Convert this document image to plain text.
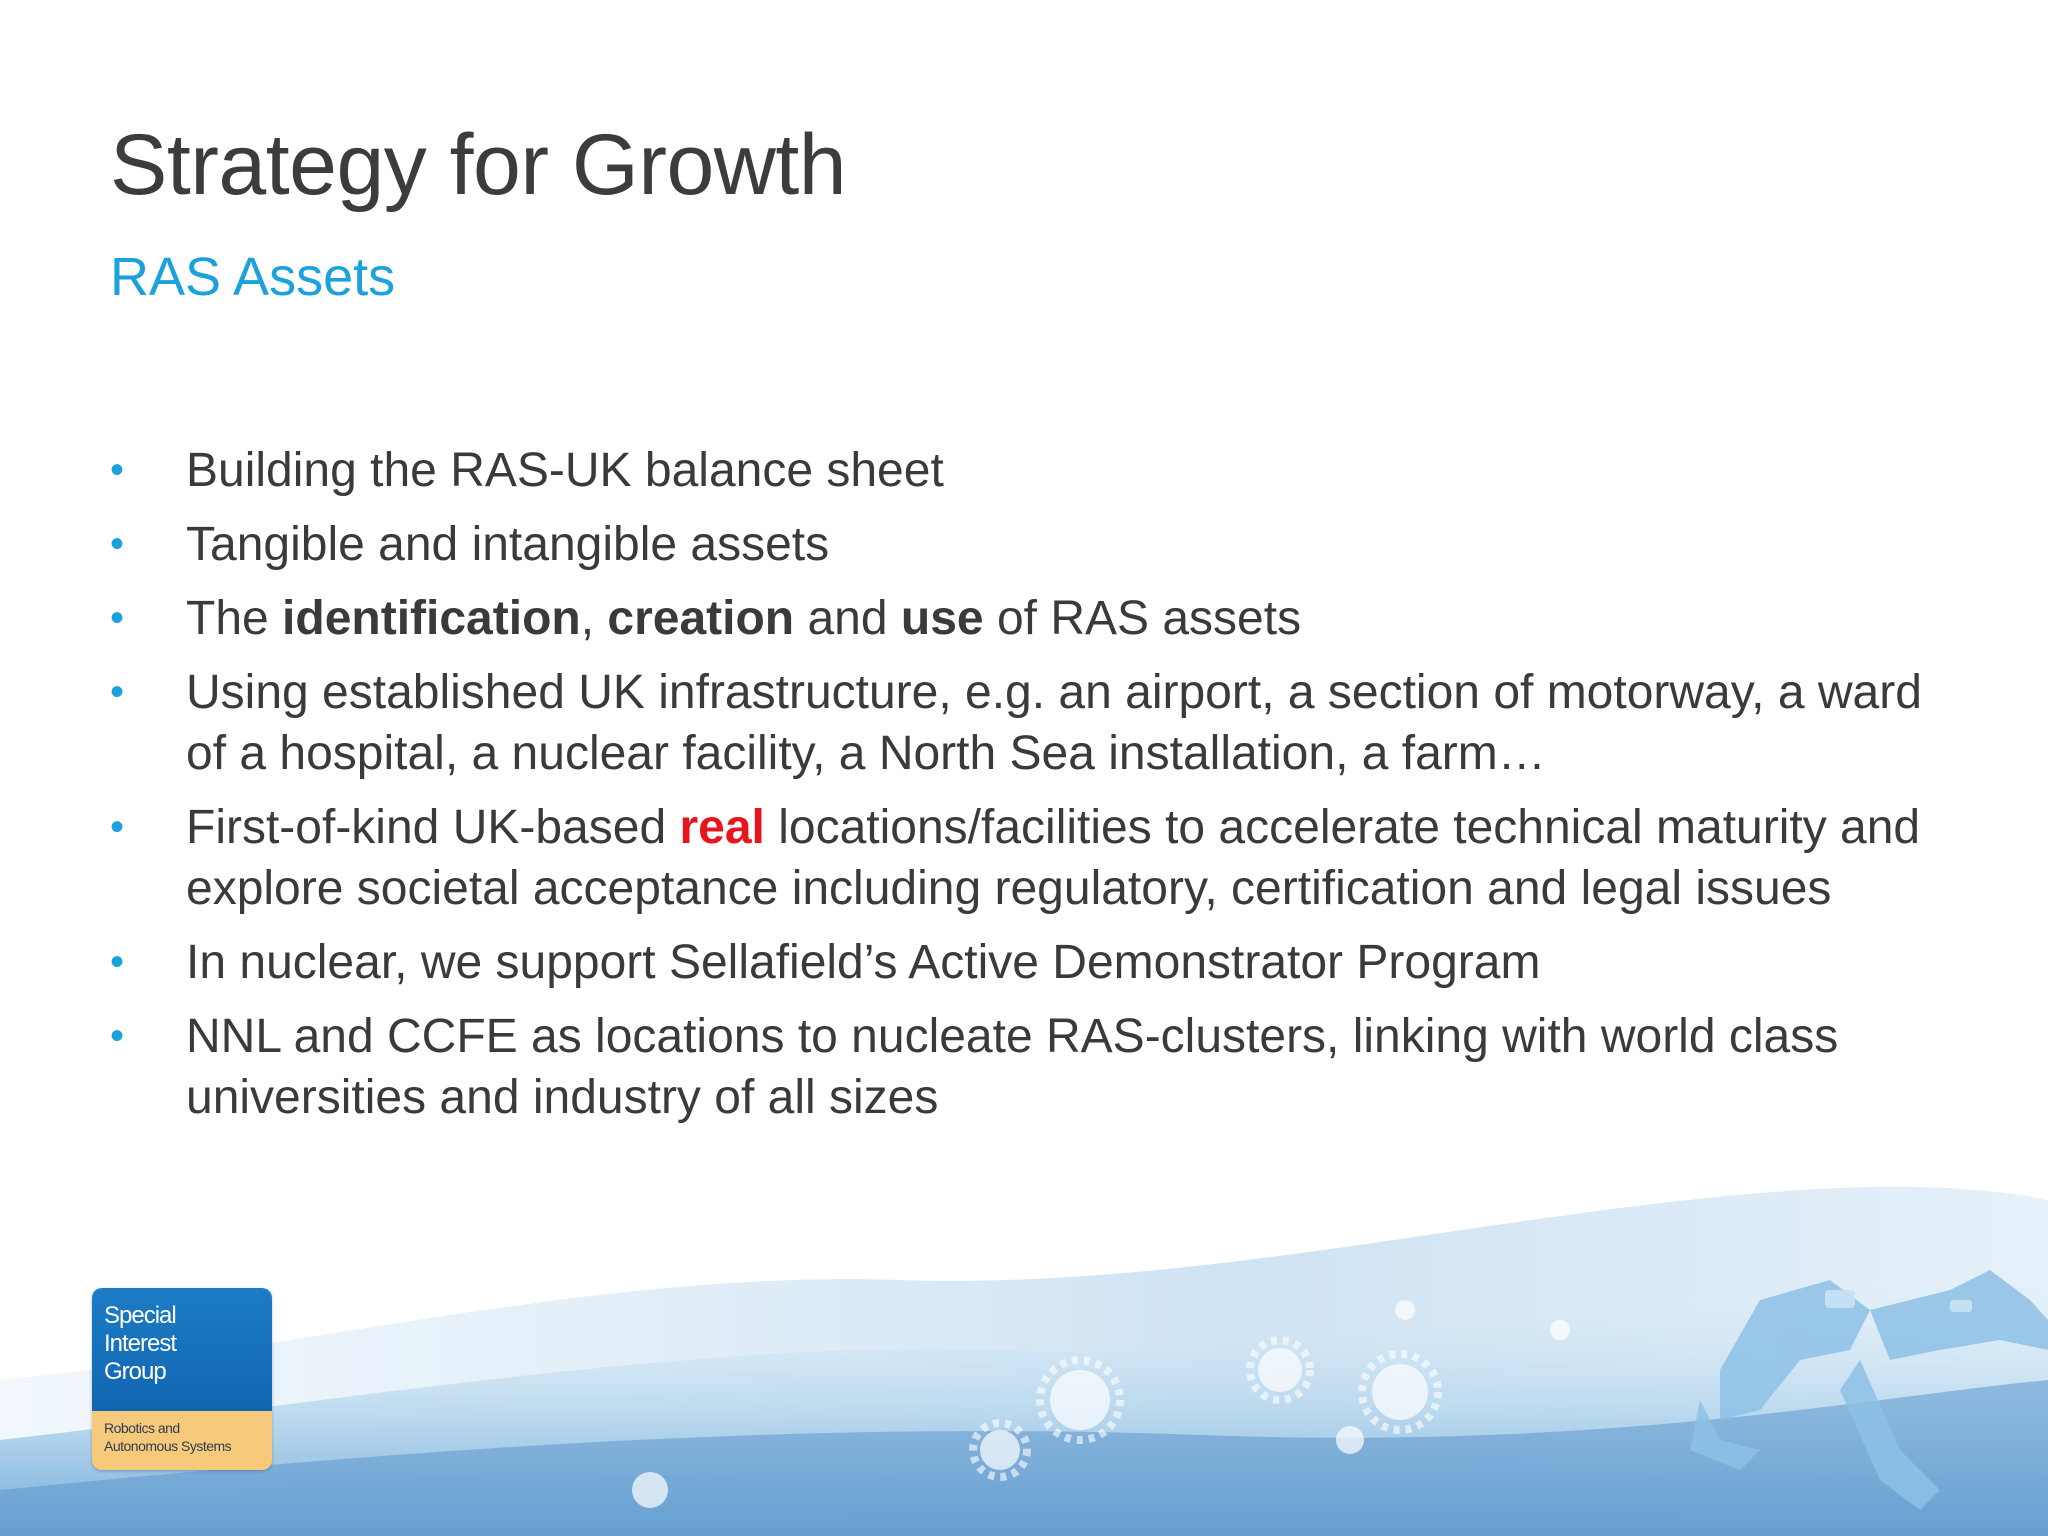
Strategy for Growth
RAS Assets
• Building the RAS-UK balance sheet
• Tangible and intangible assets
• The identification, creation and use of RAS assets
• Using established UK infrastructure, e.g. an airport, a section of motorway, a ward of a hospital, a nuclear facility, a North Sea installation, a farm…
• First-of-kind UK-based real locations/facilities to accelerate technical maturity and explore societal acceptance including regulatory, certification and legal issues
• In nuclear, we support Sellafield’s Active Demonstrator Program
• NNL and CCFE as locations to nucleate RAS-clusters, linking with world class universities and industry of all sizes
Special
Interest
Group
Robotics and
Autonomous Systems
